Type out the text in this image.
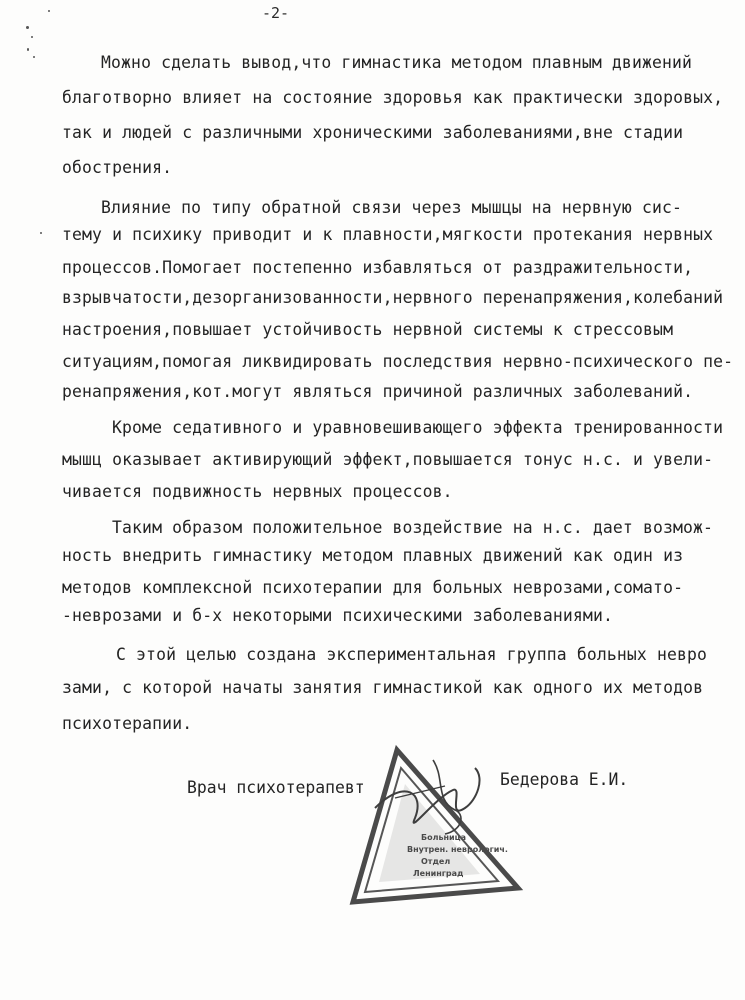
-2-
Можно сделать вывод,что гимнастика методом плавным движений
благотворно влияет на состояние здоровья как практически здоровых,
так и людей с различными хроническими заболеваниями,вне стадии
обострения.
Влияние по типу обратной связи через мышцы на нервную сис-
тему и психику приводит и к плавности,мягкости протекания нервных
процессов.Помогает постепенно избавляться от раздражительности,
взрывчатости,дезорганизованности,нервного перенапряжения,колебаний
настроения,повышает устойчивость нервной системы к стрессовым
ситуациям,помогая ликвидировать последствия нервно-психического пе-
ренапряжения,кот.могут являться причиной различных заболеваний.
Кроме седативного и уравновешивающего эффекта тренированности
мышц оказывает активирующий эффект,повышается тонус н.с. и увели-
чивается подвижность нервных процессов.
Таким образом положительное воздействие на н.с. дает возмож-
ность внедрить гимнастику методом плавных движений как один из
методов комплексной психотерапии для больных неврозами,сомато-
-неврозами и б-х некоторыми психическими заболеваниями.
С этой целью создана экспериментальная группа больных невро
зами, с которой начаты занятия гимнастикой как одного их методов
психотерапии.
Врач психотерапевт	Бедерова Е.И.
Больница
Внутрен. неврологич.
Отдел
Ленинград
